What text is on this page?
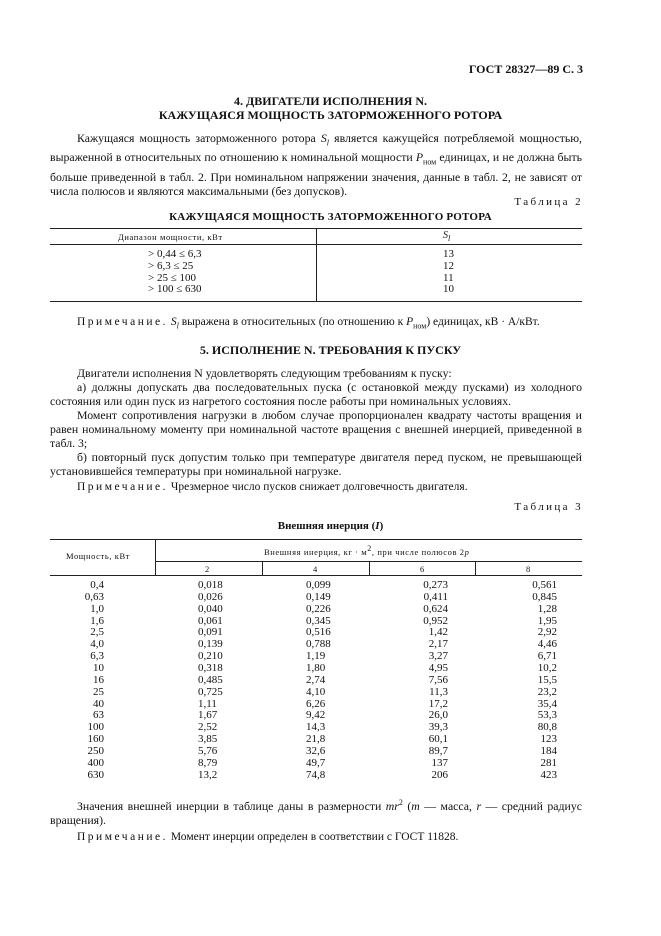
ГОСТ 28327—89 С. 3
4. ДВИГАТЕЛИ ИСПОЛНЕНИЯ N.
КАЖУЩАЯСЯ МОЩНОСТЬ ЗАТОРМОЖЕННОГО РОТОРА

Кажущаяся мощность заторможенного ротора $S_l$ является кажущейся потребляемой мощностью, выраженной в относительных по отношению к номинальной мощности $P_{ном}$ единицах, и не должна быть больше приведенной в табл. 2. При номинальном напряжении значения, данные в табл. 2, не зависят от числа полюсов и являются максимальными (без допусков).

Таблица 2
КАЖУЩАЯСЯ МОЩНОСТЬ ЗАТОРМОЖЕННОГО РОТОРА
Диапазон мощности, кВт	$S_l$
> 0,44 ≤ 6,3	13
> 6,3 ≤ 25	12
> 25 ≤ 100	11
> 100 ≤ 630	10
Примечание. $S_l$ выражена в относительных (по отношению к $P_{ном}$) единицах, кВ · А/кВт.
5. ИСПОЛНЕНИЕ N. ТРЕБОВАНИЯ К ПУСКУ

Двигатели исполнения N удовлетворять следующим требованиям к пуску:

а) должны допускать два последовательных пуска (с остановкой между пусками) из холодного состояния или один пуск из нагретого состояния после работы при номинальных условиях.

Момент сопротивления нагрузки в любом случае пропорционален квадрату частоты вращения и равен номинальному моменту при номинальной частоте вращения с внешней инерцией, приведенной в табл. 3;

б) повторный пуск допустим только при температуре двигателя перед пуском, не превышающей установившейся температуры при номинальной нагрузке.

Примечание. Чрезмерное число пусков снижает долговечность двигателя.
Таблица 3
Внешняя инерция (I)
Мощность, кВт	Внешняя инерция, кг · $м^2$, при числе полюсов 2p
2	4	6	8
0,4	0,018	0,099	0,273	0,561
0,63	0,026	0,149	0,411	0,845
1,0	0,040	0,226	0,624	1,28
1,6	0,061	0,345	0,952	1,95
2,5	0,091	0,516	1,42	2,92
4,0	0,139	0,788	2,17	4,46
6,3	0,210	1,19	3,27	6,71
10	0,318	1,80	4,95	10,2
16	0,485	2,74	7,56	15,5
25	0,725	4,10	11,3	23,2
40	1,11	6,26	17,2	35,4
63	1,67	9,42	26,0	53,3
100	2,52	14,3	39,3	80,8
160	3,85	21,8	60,1	123
250	5,76	32,6	89,7	184
400	8,79	49,7	137	281
630	13,2	74,8	206	423

Значения внешней инерции в таблице даны в размерности $mr^2$ (m — масса, r — средний радиус вращения).

Примечание. Момент инерции определен в соответствии с ГОСТ 11828.
